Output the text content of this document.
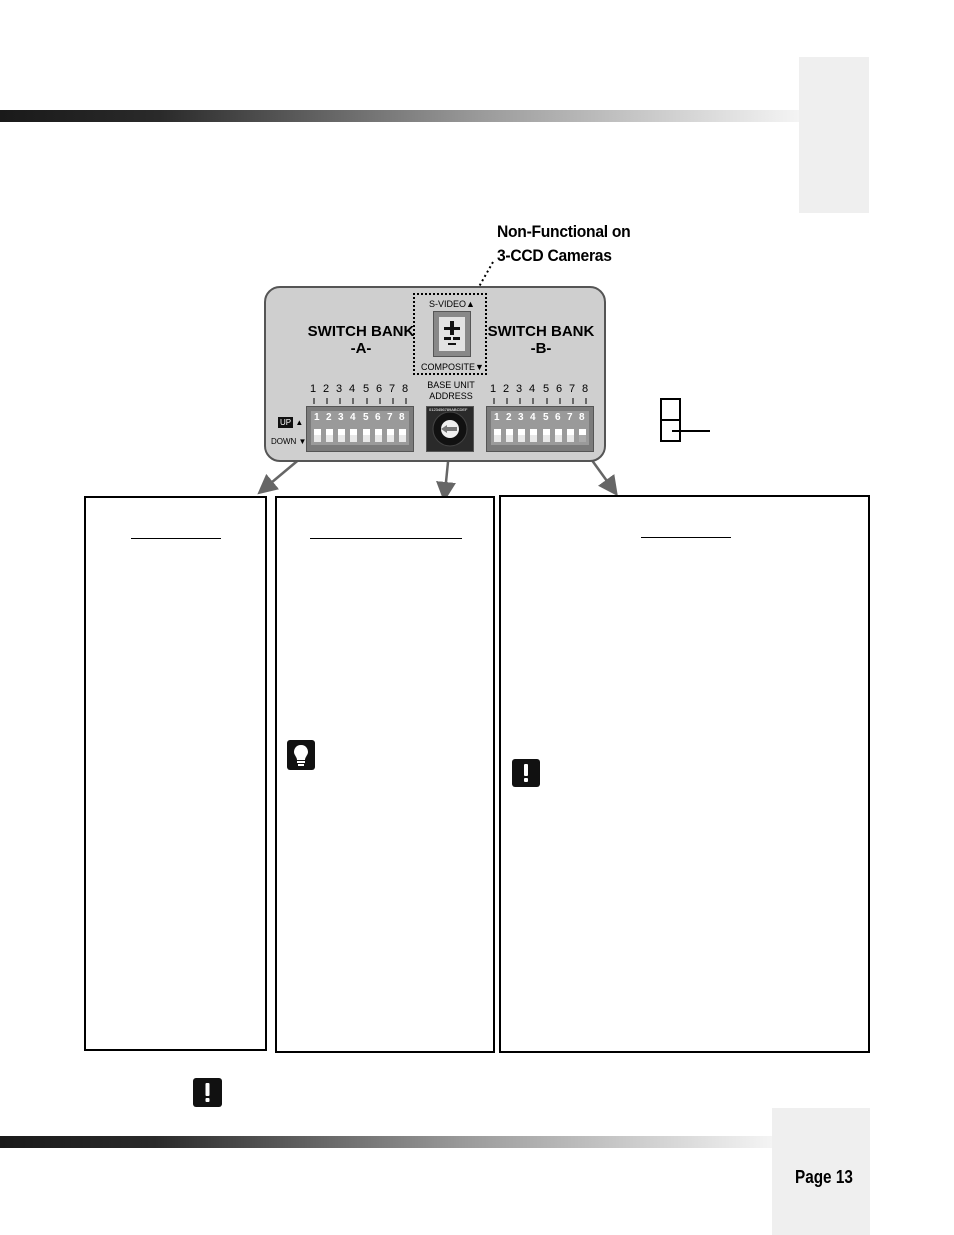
Non-Functional on
3-CCD Cameras
SWITCH BANK
-A-
SWITCH BANK
-B-
S-VIDEO▲
COMPOSITE▼
BASE UNIT
ADDRESS
0123456789ABCDEF
1 2 3 4 5 6 7 8	1 2 3 4 5 6 7 8
UP ▲
DOWN ▼
1 2 3 4 5 6 7 8	1 2 3 4 5 6 7 8
Page 13
